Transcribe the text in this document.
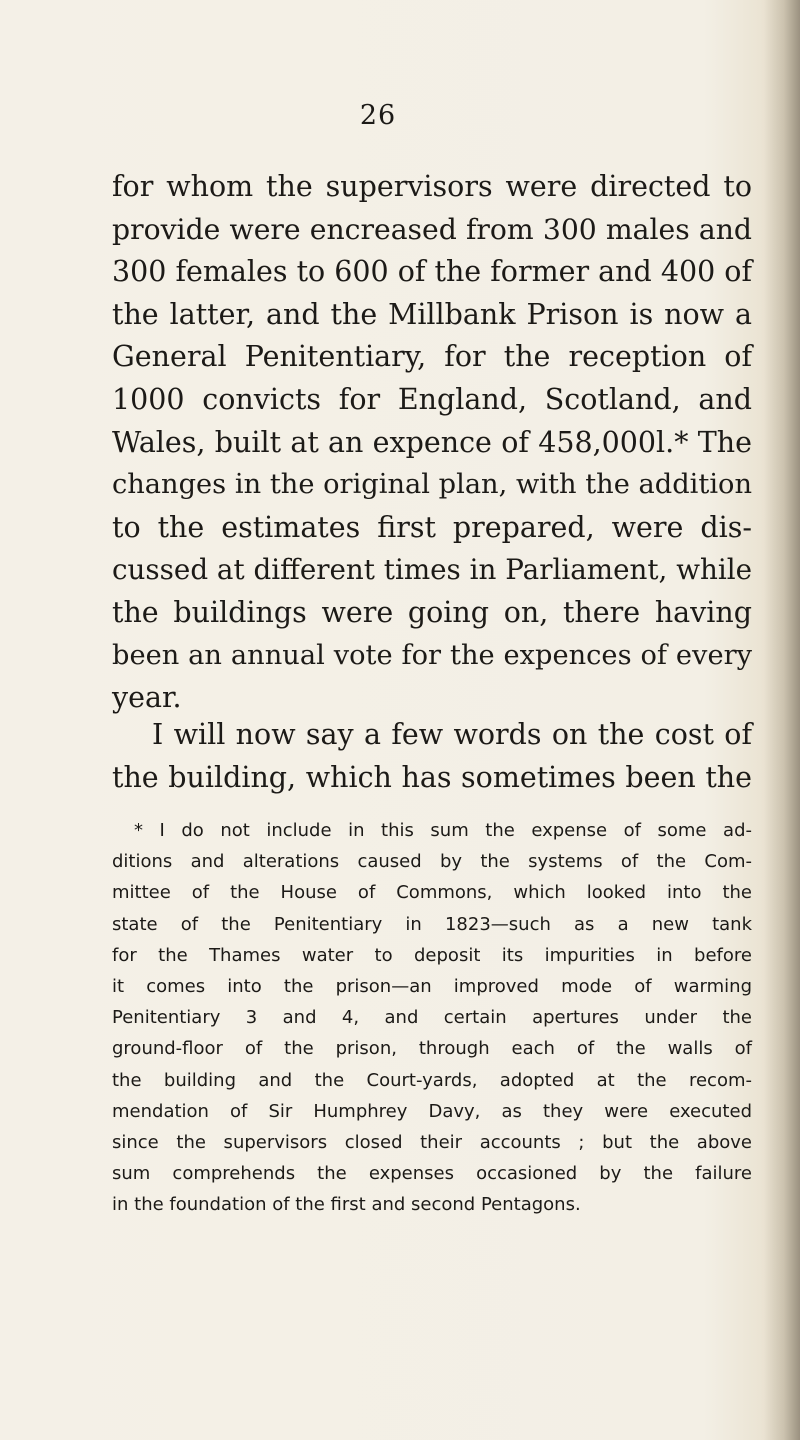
26
for whom the supervisors were directed to
provide were encreased from 300 males and
300 females to 600 of the former and 400 of
the latter, and the Millbank Prison is now a
General Penitentiary, for the reception of
1000 convicts for England, Scotland, and
Wales, built at an expence of 458,000l.* The
changes in the original plan, with the addition
to the estimates first prepared, were dis-
cussed at different times in Parliament, while
the buildings were going on, there having
been an annual vote for the expences of every
year.
I will now say a few words on the cost of
the building, which has sometimes been the
* I do not include in this sum the expense of some ad-
ditions and alterations caused by the systems of the Com-
mittee of the House of Commons, which looked into the
state of the Penitentiary in 1823—such as a new tank
for the Thames water to deposit its impurities in before
it comes into the prison—an improved mode of warming
Penitentiary 3 and 4, and certain apertures under the
ground-floor of the prison, through each of the walls of
the building and the Court-yards, adopted at the recom-
mendation of Sir Humphrey Davy, as they were executed
since the supervisors closed their accounts ; but the above
sum comprehends the expenses occasioned by the failure
in the foundation of the first and second Pentagons.
